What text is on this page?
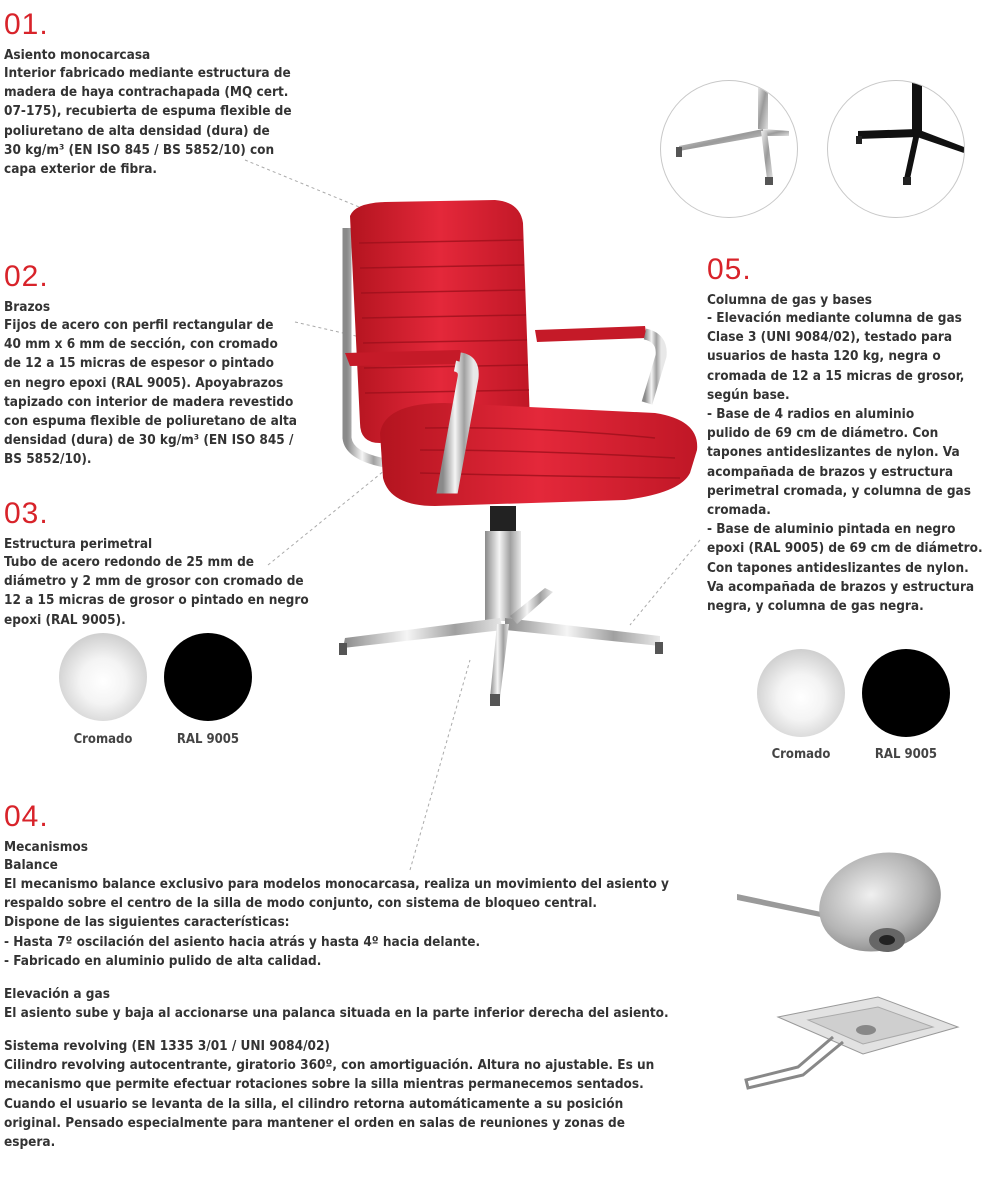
01.
Asiento monocarcasa
Interior fabricado mediante estructura de
madera de haya contrachapada (MQ cert.
07-175), recubierta de espuma flexible de
poliuretano de alta densidad (dura) de
30 kg/m³ (EN ISO 845 / BS 5852/10) con
capa exterior de fibra.
02.
Brazos
Fijos de acero con perfil rectangular de
40 mm x 6 mm de sección, con cromado
de 12 a 15 micras de espesor o pintado
en negro epoxi (RAL 9005). Apoyabrazos
tapizado con interior de madera revestido
con espuma flexible de poliuretano de alta
densidad (dura) de 30 kg/m³ (EN ISO 845 /
BS 5852/10).
03.
Estructura perimetral
Tubo de acero redondo de 25 mm de
diámetro y 2 mm de grosor con cromado de
12 a 15 micras de grosor o pintado en negro
epoxi (RAL 9005).
Cromado	RAL 9005
05.
Columna de gas y bases
- Elevación mediante columna de gas
Clase 3 (UNI 9084/02), testado para
usuarios de hasta 120 kg, negra o
cromada de 12 a 15 micras de grosor,
según base.
- Base de 4 radios en aluminio
pulido de 69 cm de diámetro. Con
tapones antideslizantes de nylon. Va
acompañada de brazos y estructura
perimetral cromada, y columna de gas
cromada.
- Base de aluminio pintada en negro
epoxi (RAL 9005) de 69 cm de diámetro.
Con tapones antideslizantes de nylon.
Va acompañada de brazos y estructura
negra, y columna de gas negra.
Cromado	RAL 9005
04.
Mecanismos
Balance
El mecanismo balance exclusivo para modelos monocarcasa, realiza un movimiento del asiento y
respaldo sobre el centro de la silla de modo conjunto, con sistema de bloqueo central.
Dispone de las siguientes características:
- Hasta 7º oscilación del asiento hacia atrás y hasta 4º hacia delante.
- Fabricado en aluminio pulido de alta calidad.
Elevación a gas
El asiento sube y baja al accionarse una palanca situada en la parte inferior derecha del asiento.
Sistema revolving (EN 1335 3/01 / UNI 9084/02)
Cilindro revolving autocentrante, giratorio 360º, con amortiguación. Altura no ajustable. Es un
mecanismo que permite efectuar rotaciones sobre la silla mientras permanecemos sentados.
Cuando el usuario se levanta de la silla, el cilindro retorna automáticamente a su posición
original. Pensado especialmente para mantener el orden en salas de reuniones y zonas de
espera.
